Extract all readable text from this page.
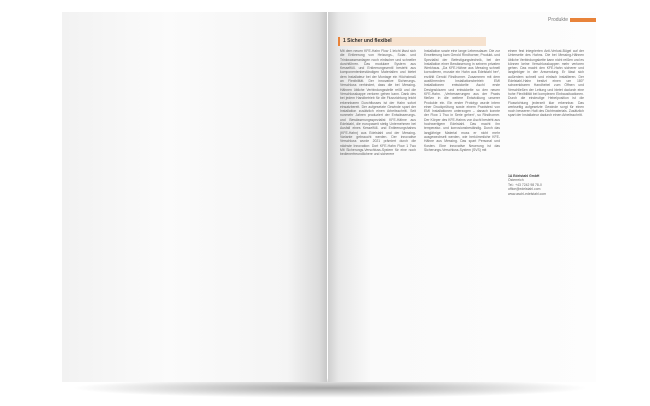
Produkte
1 Sicher und flexibel
Mit dem neuen KFE-Hahn Flow 1 leicht lässt sich die Entleerung von Heizungs-, Solar- und Trinkwasseranlagen noch einfacher und schneller durchführen. Das modulare System aus Kesselfüll- und Entleerungsventil besteht aus komponentenbeständigen Materialien und bietet dem Installateur bei der Montage ein Höchstmaß an Flexibilität. Der innovative Sicherungs-Verschluss verhindert, dass die bei Messing-Hähnen übliche Verbindungsstelle reißt und die Verschlusskappe verloren gehen kann. Dank des bei jedem Handbetrieb für die Flussrichtung leicht erkennbaren Durchflusses ist der Hahn sofort einsatzbereit. Der aufgesetzte Gewinde spart der Installation zusätzlich einen Arbeitsschritt. Seit nunmehr Jahren produziert der Entwässerungs- und Bewässerungsspezialist KFE-Hähne aus Edelstahl, die europaweit stetig Unternehmen bei Ausfall eines Kesselfüll- und Entleerungshahns (KFE-Hahn) aus Edelstahl und der Messing-Variante gebraucht werden. Der innovative Verschluss wurde 2021 prämiert durch die nächste Innovation: Dort KFE-Hahn Flow 1 Two Mit Sicherungs-Verschluss-System für eine noch bedienerfreundlichere und sicherere
Installation sowie eine lange Lebensdauer. Die zur Erweiterung kam Gerold Rindhorner, Produkt- und Spezialist der Befestigungstechnik, bei der Installation einer Bewässerung in seinem privaten Werkhaus. „Da KFE-Hähne aus Messing schnell korrodieren, musste ein Hahn aus Edelstahl her“, erzählt Gerold Rindhorner. Zusammen mit dem ausführenden Installationsbetrieb EMI Installationen entwickelte Aschl erste Designskizzen und entwickelte so den neuen KFE-Hahn. „Verbesserungen aus der Praxis fließen in die weitere Entwicklung unserer Produkte ein. Ein erster Prototyp wurde intern einer Druckprüfung sowie einem Praxistest von EMI Installationen unterzogen – danach konnte der Flow 1 Two in Serie gehen“, so Rindhorner. Der Körper des KFE-Hahns von Aschl besteht aus hochwertigem Edelstahl. Das macht ihn temperatur- und korrosionsbeständig. Durch das langjährige Material muss er nicht mehr ausgewechselt werden, wie herkömmliche KFE-Hähne aus Messing. Das spart Personal und Kosten. Eine innovative Neuerung ist das Sicherungs-Verschluss-System (SVS) mit
einem fest integrierten Anti-Verlust-Bügel auf der Unterseite des Hahns. Die bei Messing-Hähnen übliche Verbindungskette kann nicht reißen und es können keine Verschlusskappen mehr verloren gehen. Das macht den KFE-Hahn sicherer und langlebiger in der Anwendung. Er lässt sich außerdem schnell und einfach installieren. Der Edelstahl-Hahn besitzt einen um 180° schwenkbaren Handhebel zum Öffnen und Verschließen der Leitung und bietet dadurch eine hohe Flexibilität bei komplexen Einbausituationen. Durch die eindeutige Hebelposition ist die Flussrichtung jederzeit klar erkennbar. Das werkseitig aufgesetzte Gewinde sorgt für einen noch besseren Halt des Dichtmaterials. Zusätzlich spart der Installateur dadurch einen Arbeitsschritt.
1A Edelstahl GmbH
Österreich
Tel.: +43 7242 98 78-0
office@edelstahl.com
www.aschl-edelstahl.com
